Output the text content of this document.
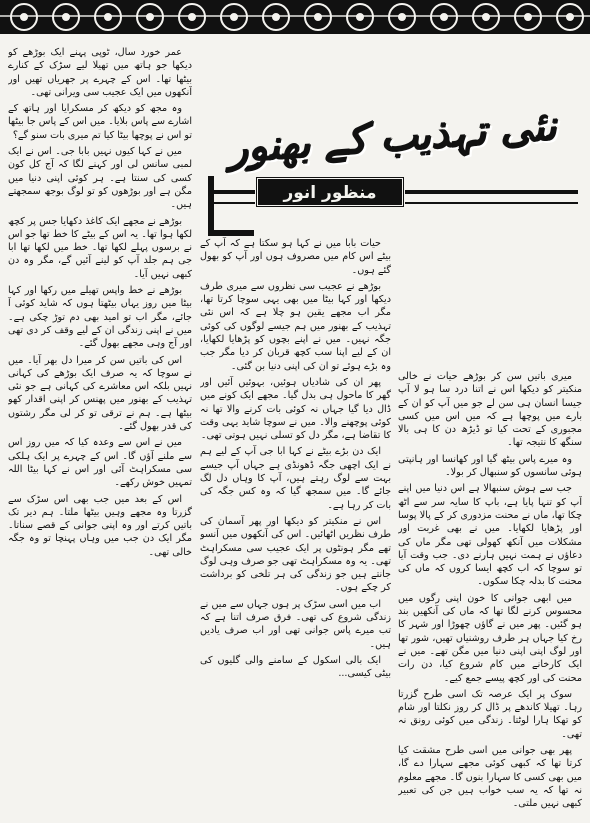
نئی تہذیب کے بھنور
منظور انور

میری باتیں سن کر بوڑھے حیات نے خالی منکیتر کو دیکھا اس نے اتنا درد سا ہو لا آپ جیسا انسان ہی سن لے جو میں آپ کو ان کے بارے میں پوچھا ہے کہ میں اس میں کسی مجبوری کے تحت کیا تو ڈیڑھ دن کا ہی بالا سنگھ کا نتیجہ تھا۔

وہ میرے پاس بیٹھ گیا اور کھانسا اور ہانپتی ہوئی سانسوں کو سنبھال کر بولا۔

جب سے ہوش سنبھالا ہے اس دنیا میں اپنے آپ کو تنہا پایا ہے، باپ کا سایہ سر سے اٹھ چکا تھا، ماں نے محنت مزدوری کر کے پالا پوسا اور پڑھایا لکھایا۔ میں نے بھی غربت اور مشکلات میں آنکھ کھولی تھی مگر ماں کی دعاؤں نے ہمت نہیں ہارنے دی۔ جب وقت آیا تو سوچا کہ اب کچھ ایسا کروں کہ ماں کی محنت کا بدلہ چکا سکوں۔

میں ابھی جوانی کا خون اپنی رگوں میں محسوس کرنے لگا تھا کہ ماں کی آنکھیں بند ہو گئیں۔ پھر میں نے گاؤں چھوڑا اور شہر کا رخ کیا جہاں ہر طرف روشنیاں تھیں، شور تھا اور لوگ اپنی اپنی دنیا میں مگن تھے۔ میں نے ایک کارخانے میں کام شروع کیا، دن رات محنت کی اور کچھ پیسے جمع کیے۔

سوک پر ایک عرصہ تک اسی طرح گزرتا رہا۔ تھیلا کاندھے پر ڈال کر روز نکلتا اور شام کو تھکا ہارا لوٹتا۔ زندگی میں کوئی رونق نہ تھی۔

پھر بھی جوانی میں اسی طرح مشقت کیا کرتا تھا کہ کبھی کوئی مجھے سہارا دے گا، میں بھی کسی کا سہارا بنوں گا۔ مجھے معلوم نہ تھا کہ یہ سب خواب ہیں جن کی تعبیر کبھی نہیں ملتی۔

حیات بابا میں نے کہا ہو سکتا ہے کہ آپ کے بیٹے اس کام میں مصروف ہوں اور آپ کو بھول گئے ہوں۔

بوڑھے نے عجیب سی نظروں سے میری طرف دیکھا اور کہا بیٹا میں بھی یہی سوچا کرتا تھا، مگر اب مجھے یقین ہو چلا ہے کہ اس نئی تہذیب کے بھنور میں ہم جیسے لوگوں کی کوئی جگہ نہیں۔ میں نے اپنے بچوں کو پڑھایا لکھایا، ان کے لیے اپنا سب کچھ قربان کر دیا مگر جب وہ بڑے ہوئے تو ان کی اپنی دنیا بن گئی۔

پھر ان کی شادیاں ہوئیں، بہوئیں آئیں اور گھر کا ماحول ہی بدل گیا۔ مجھے ایک کونے میں ڈال دیا گیا جہاں نہ کوئی بات کرنے والا تھا نہ کوئی پوچھنے والا۔ میں نے سوچا شاید یہی وقت کا تقاضا ہے، مگر دل کو تسلی نہیں ہوتی تھی۔

ایک دن بڑے بیٹے نے کہا ابا جی آپ کے لیے ہم نے ایک اچھی جگہ ڈھونڈی ہے جہاں آپ جیسے بہت سے لوگ رہتے ہیں، آپ کا وہاں دل لگ جائے گا۔ میں سمجھ گیا کہ وہ کس جگہ کی بات کر رہا ہے۔

اس نے منکیتر کو دیکھا اور پھر آسمان کی طرف نظریں اٹھائیں۔ اس کی آنکھوں میں آنسو تھے مگر ہونٹوں پر ایک عجیب سی مسکراہٹ تھی۔ یہ وہ مسکراہٹ تھی جو صرف وہی لوگ جانتے ہیں جو زندگی کی ہر تلخی کو برداشت کر چکے ہوں۔

اب میں اسی سڑک پر ہوں جہاں سے میں نے زندگی شروع کی تھی۔ فرق صرف اتنا ہے کہ تب میرے پاس جوانی تھی اور اب صرف یادیں ہیں۔

ایک بالی اسکول کے سامنے والی گلیوں کی بیٹی کیسی...

عمر خورد سال، ٹوپی پہنے ایک بوڑھے کو دیکھا جو ہاتھ میں تھیلا لیے سڑک کے کنارے بیٹھا تھا۔ اس کے چہرے پر جھریاں تھیں اور آنکھوں میں ایک عجیب سی ویرانی تھی۔

وہ مجھ کو دیکھ کر مسکرایا اور ہاتھ کے اشارے سے پاس بلایا۔ میں اس کے پاس جا بیٹھا تو اس نے پوچھا بیٹا کیا تم میری بات سنو گے؟

میں نے کہا کیوں نہیں بابا جی۔ اس نے ایک لمبی سانس لی اور کہنے لگا کہ آج کل کون کسی کی سنتا ہے۔ ہر کوئی اپنی دنیا میں مگن ہے اور بوڑھوں کو تو لوگ بوجھ سمجھتے ہیں۔

بوڑھے نے مجھے ایک کاغذ دکھایا جس پر کچھ لکھا ہوا تھا۔ یہ اس کے بیٹے کا خط تھا جو اس نے برسوں پہلے لکھا تھا۔ خط میں لکھا تھا ابا جی ہم جلد آپ کو لینے آئیں گے، مگر وہ دن کبھی نہیں آیا۔

بوڑھے نے خط واپس تھیلے میں رکھا اور کہا بیٹا میں روز یہاں بیٹھتا ہوں کہ شاید کوئی آ جائے، مگر اب تو امید بھی دم توڑ چکی ہے۔ میں نے اپنی زندگی ان کے لیے وقف کر دی تھی اور آج وہی مجھے بھول گئے۔

اس کی باتیں سن کر میرا دل بھر آیا۔ میں نے سوچا کہ یہ صرف ایک بوڑھے کی کہانی نہیں بلکہ اس معاشرے کی کہانی ہے جو نئی تہذیب کے بھنور میں پھنس کر اپنی اقدار کھو بیٹھا ہے۔ ہم نے ترقی تو کر لی مگر رشتوں کی قدر بھول گئے۔

میں نے اس سے وعدہ کیا کہ میں روز اس سے ملنے آؤں گا۔ اس کے چہرے پر ایک ہلکی سی مسکراہٹ آئی اور اس نے کہا بیٹا اللہ تمہیں خوش رکھے۔

اس کے بعد میں جب بھی اس سڑک سے گزرتا وہ مجھے وہیں بیٹھا ملتا۔ ہم دیر تک باتیں کرتے اور وہ اپنی جوانی کے قصے سناتا۔ مگر ایک دن جب میں وہاں پہنچا تو وہ جگہ خالی تھی۔
